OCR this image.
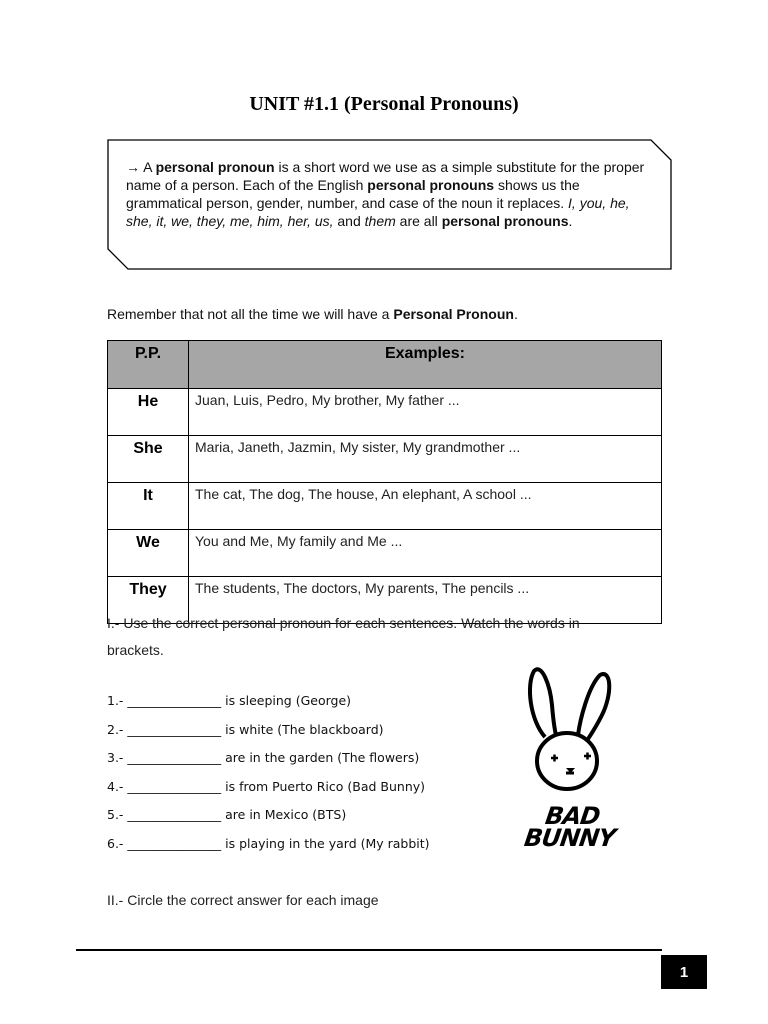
UNIT #1.1 (Personal Pronouns)
→ A personal pronoun is a short word we use as a simple substitute for the proper name of a person. Each of the English personal pronouns shows us the grammatical person, gender, number, and case of the noun it replaces. I, you, he, she, it, we, they, me, him, her, us, and them are all personal pronouns.
Remember that not all the time we will have a Personal Pronoun.
P.P.	Examples:
He	Juan, Luis, Pedro, My brother, My father ...
She	Maria, Janeth, Jazmin, My sister, My grandmother ...
It	The cat, The dog, The house, An elephant, A school ...
We	You and Me, My family and Me ...
They	The students, The doctors, My parents, The pencils ...
I.- Use the correct personal pronoun for each sentences. Watch the words in brackets.
1.- _______________ is sleeping (George)
2.- _______________ is white (The blackboard)
3.- _______________ are in the garden (The flowers)
4.- _______________ is from Puerto Rico (Bad Bunny)
5.- _______________ are in Mexico (BTS)
6.- _______________ is playing in the yard (My rabbit)
BAD
BUNNY
II.- Circle the correct answer for each image
1
